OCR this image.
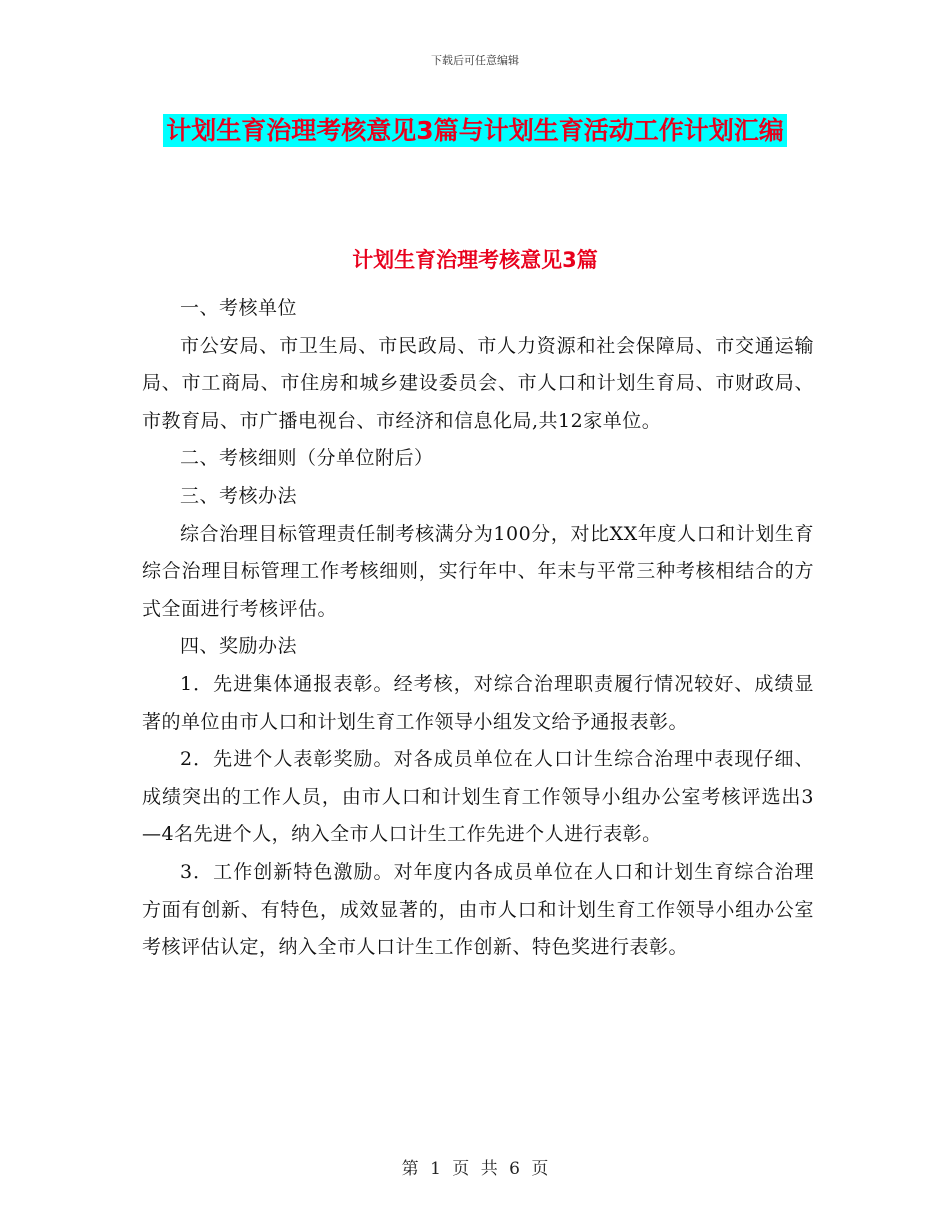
下载后可任意编辑
计划生育治理考核意见3篇与计划生育活动工作计划汇编
计划生育治理考核意见3篇

一、考核单位

市公安局、市卫生局、市民政局、市人力资源和社会保障局、市交通运输局、市工商局、市住房和城乡建设委员会、市人口和计划生育局、市财政局、市教育局、市广播电视台、市经济和信息化局,共12家单位。

二、考核细则（分单位附后）

三、考核办法

综合治理目标管理责任制考核满分为100分，对比XX年度人口和计划生育综合治理目标管理工作考核细则，实行年中、年末与平常三种考核相结合的方式全面进行考核评估。

四、奖励办法

1．先进集体通报表彰。经考核，对综合治理职责履行情况较好、成绩显著的单位由市人口和计划生育工作领导小组发文给予通报表彰。

2．先进个人表彰奖励。对各成员单位在人口计生综合治理中表现仔细、成绩突出的工作人员，由市人口和计划生育工作领导小组办公室考核评选出3—4名先进个人，纳入全市人口计生工作先进个人进行表彰。

3．工作创新特色激励。对年度内各成员单位在人口和计划生育综合治理方面有创新、有特色，成效显著的，由市人口和计划生育工作领导小组办公室考核评估认定，纳入全市人口计生工作创新、特色奖进行表彰。

第 1 页 共 6 页
